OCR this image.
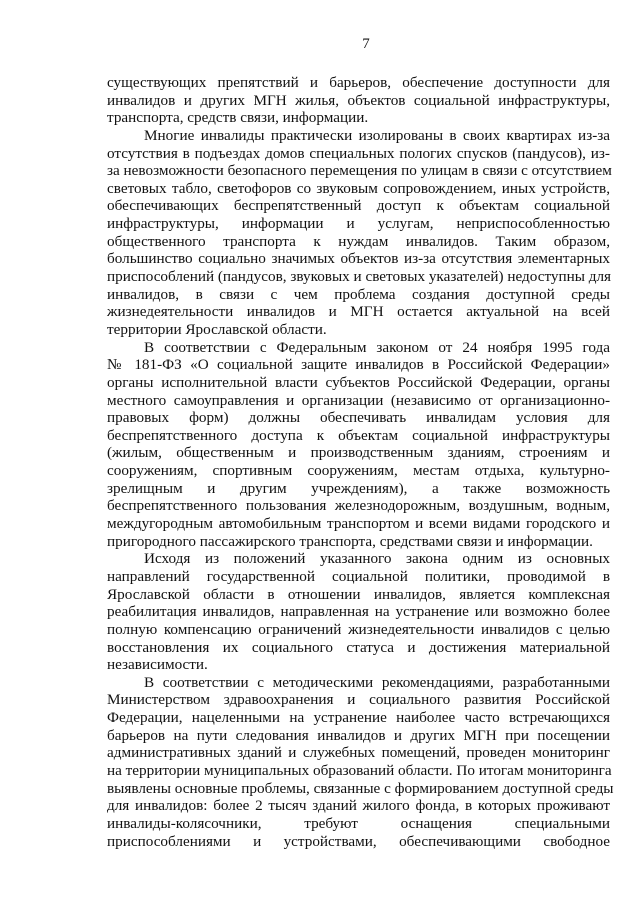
7
существующих препятствий и барьеров, обеспечение доступности для
инвалидов и других МГН жилья, объектов социальной инфраструктуры,
транспорта, средств связи, информации.
Многие инвалиды практически изолированы в своих квартирах из-за
отсутствия в подъездах домов специальных пологих спусков (пандусов), из-
за невозможности безопасного перемещения по улицам в связи с отсутствием
световых табло, светофоров со звуковым сопровождением, иных устройств,
обеспечивающих беспрепятственный доступ к объектам социальной
инфраструктуры, информации и услугам, неприспособленностью
общественного транспорта к нуждам инвалидов. Таким образом,
большинство социально значимых объектов из-за отсутствия элементарных
приспособлений (пандусов, звуковых и световых указателей) недоступны для
инвалидов, в связи с чем проблема создания доступной среды
жизнедеятельности инвалидов и МГН остается актуальной на всей
территории Ярославской области.
В соответствии с Федеральным законом от 24 ноября 1995 года
№ 181-ФЗ «О социальной защите инвалидов в Российской Федерации»
органы исполнительной власти субъектов Российской Федерации, органы
местного самоуправления и организации (независимо от организационно-
правовых форм) должны обеспечивать инвалидам условия для
беспрепятственного доступа к объектам социальной инфраструктуры
(жилым, общественным и производственным зданиям, строениям и
сооружениям, спортивным сооружениям, местам отдыха, культурно-
зрелищным и другим учреждениям), а также возможность
беспрепятственного пользования железнодорожным, воздушным, водным,
междугородным автомобильным транспортом и всеми видами городского и
пригородного пассажирского транспорта, средствами связи и информации.
Исходя из положений указанного закона одним из основных
направлений государственной социальной политики, проводимой в
Ярославской области в отношении инвалидов, является комплексная
реабилитация инвалидов, направленная на устранение или возможно более
полную компенсацию ограничений жизнедеятельности инвалидов с целью
восстановления их социального статуса и достижения материальной
независимости.
В соответствии с методическими рекомендациями, разработанными
Министерством здравоохранения и социального развития Российской
Федерации, нацеленными на устранение наиболее часто встречающихся
барьеров на пути следования инвалидов и других МГН при посещении
административных зданий и служебных помещений, проведен мониторинг
на территории муниципальных образований области. По итогам мониторинга
выявлены основные проблемы, связанные с формированием доступной среды
для инвалидов: более 2 тысяч зданий жилого фонда, в которых проживают
инвалиды-колясочники, требуют оснащения специальными
приспособлениями и устройствами, обеспечивающими свободное
